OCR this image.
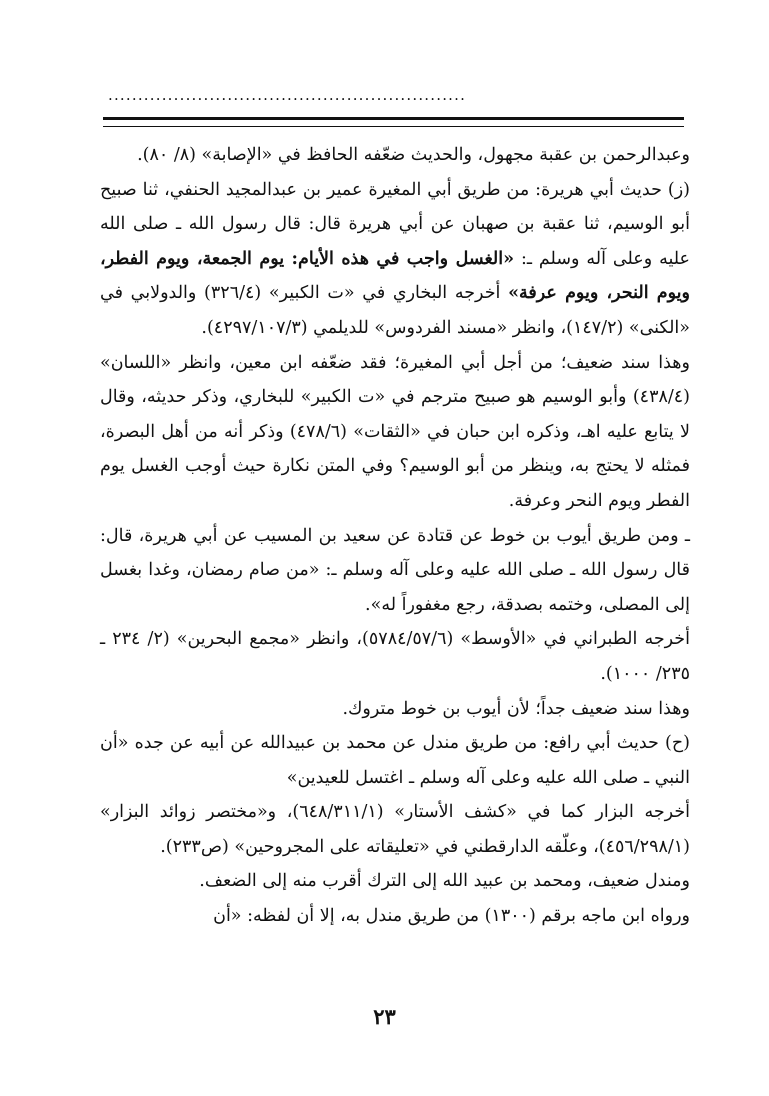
............................................................

وعبدالرحمن بن عقبة مجهول، والحديث ضعّفه الحافظ في «الإصابة» (٨/ ٨٠).

(ز) حديث أبي هريرة: من طريق أبي المغيرة عمير بن عبدالمجيد الحنفي، ثنا صبيح أبو الوسيم، ثنا عقبة بن صهبان عن أبي هريرة قال: قال رسول الله ـ صلى الله عليه وعلى آله وسلم ـ: «الغسل واجب في هذه الأيام: يوم الجمعة، ويوم الفطر، ويوم النحر، ويوم عرفة» أخرجه البخاري في «ت الكبير» (٣٢٦/٤) والدولابي في «الكنى» (١٤٧/٢)، وانظر «مسند الفردوس» للديلمي (٤٢٩٧/١٠٧/٣).

وهذا سند ضعيف؛ من أجل أبي المغيرة؛ فقد ضعّفه ابن معين، وانظر «اللسان» (٤٣٨/٤) وأبو الوسيم هو صبيح مترجم في «ت الكبير» للبخاري، وذكر حديثه، وقال لا يتابع عليه اهـ، وذكره ابن حبان في «الثقات» (٤٧٨/٦) وذكر أنه من أهل البصرة، فمثله لا يحتج به، وينظر من أبو الوسيم؟ وفي المتن نكارة حيث أوجب الغسل يوم الفطر ويوم النحر وعرفة.

ـ ومن طريق أيوب بن خوط عن قتادة عن سعيد بن المسيب عن أبي هريرة، قال: قال رسول الله ـ صلى الله عليه وعلى آله وسلم ـ: «من صام رمضان، وغدا بغسل إلى المصلى، وختمه بصدقة، رجع مغفوراً له».

أخرجه الطبراني في «الأوسط» (٥٧٨٤/٥٧/٦)، وانظر «مجمع البحرين» (٢/ ٢٣٤ ـ ٢٣٥/ ١٠٠٠).

وهذا سند ضعيف جداً؛ لأن أيوب بن خوط متروك.

(ح) حديث أبي رافع: من طريق مندل عن محمد بن عبيدالله عن أبيه عن جده «أن النبي ـ صلى الله عليه وعلى آله وسلم ـ اغتسل للعيدين»

أخرجه البزار كما في «كشف الأستار» (٦٤٨/٣١١/١)، و«مختصر زوائد البزار» (٤٥٦/٢٩٨/١)، وعلّقه الدارقطني في «تعليقاته على المجروحين» (ص٢٣٣).

ومندل ضعيف، ومحمد بن عبيد الله إلى الترك أقرب منه إلى الضعف.

ورواه ابن ماجه برقم (١٣٠٠) من طريق مندل به، إلا أن لفظه: «أن

٢٣
